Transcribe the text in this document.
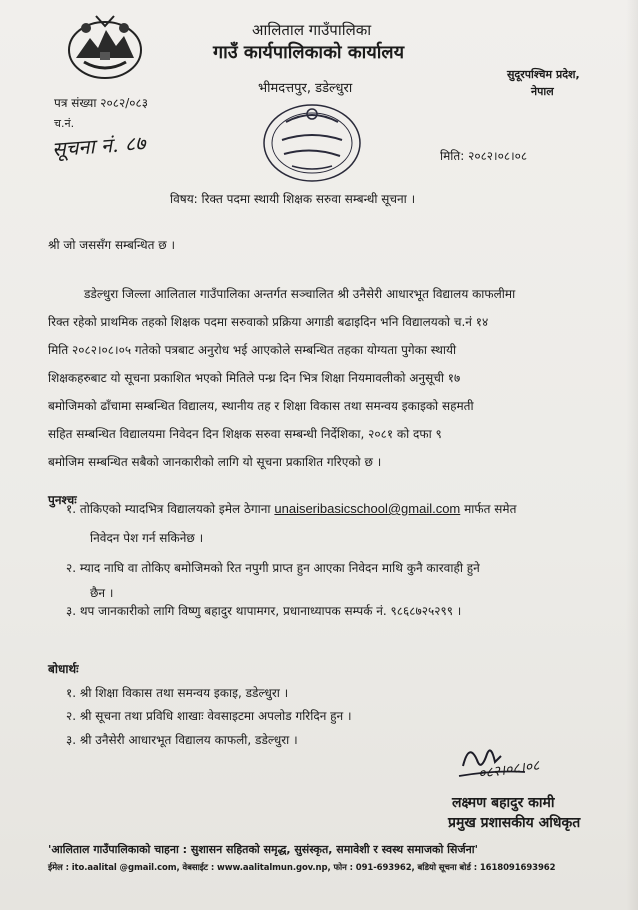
आलिताल गाउँपालिका
गाउँ कार्यपालिकाको कार्यालय
भीमदत्तपुर, डडेल्धुरा
सुदूरपश्चिम प्रदेश,
नेपाल
पत्र संख्या २०८२/०८३
च.नं.
सूचना नं. ८७	मिति: २०८२।०८।०८
विषय: रिक्त पदमा स्थायी शिक्षक सरुवा सम्बन्धी सूचना ।
श्री जो जससँग सम्बन्धित छ ।
डडेल्धुरा जिल्ला आलिताल गाउँपालिका अन्तर्गत सञ्चालित श्री उनैसेरी आधारभूत विद्यालय काफलीमा
रिक्त रहेको प्राथमिक तहको शिक्षक पदमा सरुवाको प्रक्रिया अगाडी बढाइदिन भनि विद्यालयको च.नं १४
मिति २०८२।०८।०५ गतेको पत्रबाट अनुरोध भई आएकोले सम्बन्धित तहका योग्यता पुगेका स्थायी
शिक्षकहरुबाट यो सूचना प्रकाशित भएको मितिले पन्ध्र दिन भित्र शिक्षा नियमावलीको अनुसूची १७
बमोजिमको ढाँचामा सम्बन्धित विद्यालय, स्थानीय तह र शिक्षा विकास तथा समन्वय इकाइको सहमती
सहित सम्बन्धित विद्यालयमा निवेदन दिन शिक्षक सरुवा सम्बन्धी निर्देशिका, २०८१ को दफा ९
बमोजिम सम्बन्धित सबैको जानकारीको लागि यो सूचना प्रकाशित गरिएको छ ।
पुनश्चः
१. तोकिएको म्यादभित्र विद्यालयको इमेल ठेगाना unaiseribasicschool@gmail.com मार्फत समेत
निवेदन पेश गर्न सकिनेछ ।
२. म्याद नाघि वा तोकिए बमोजिमको रित नपुगी प्राप्त हुन आएका निवेदन माथि कुनै कारवाही हुने
छैन ।
३. थप जानकारीको लागि विष्णु बहादुर थापामगर, प्रधानाध्यापक सम्पर्क नं. ९८६८७२५२९९ ।
बोधार्थः
१. श्री शिक्षा विकास तथा समन्वय इकाइ, डडेल्धुरा ।
२. श्री सूचना तथा प्रविधि शाखाः वेवसाइटमा अपलोड गरिदिन हुन ।
३. श्री उनैसेरी आधारभूत विद्यालय काफली, डडेल्धुरा ।
०८२।०८।०८
लक्ष्मण बहादुर कामी
प्रमुख प्रशासकीय अधिकृत
'आलिताल गाउँपालिकाको चाहना : सुशासन सहितको समृद्ध, सुसंस्कृत, समावेशी र स्वस्थ समाजको सिर्जना'
ईमेल : ito.aalital @gmail.com, वेबसाईट : www.aalitalmun.gov.np, फोन : 091-693962, बडियो सूचना बोर्ड : 1618091693962
